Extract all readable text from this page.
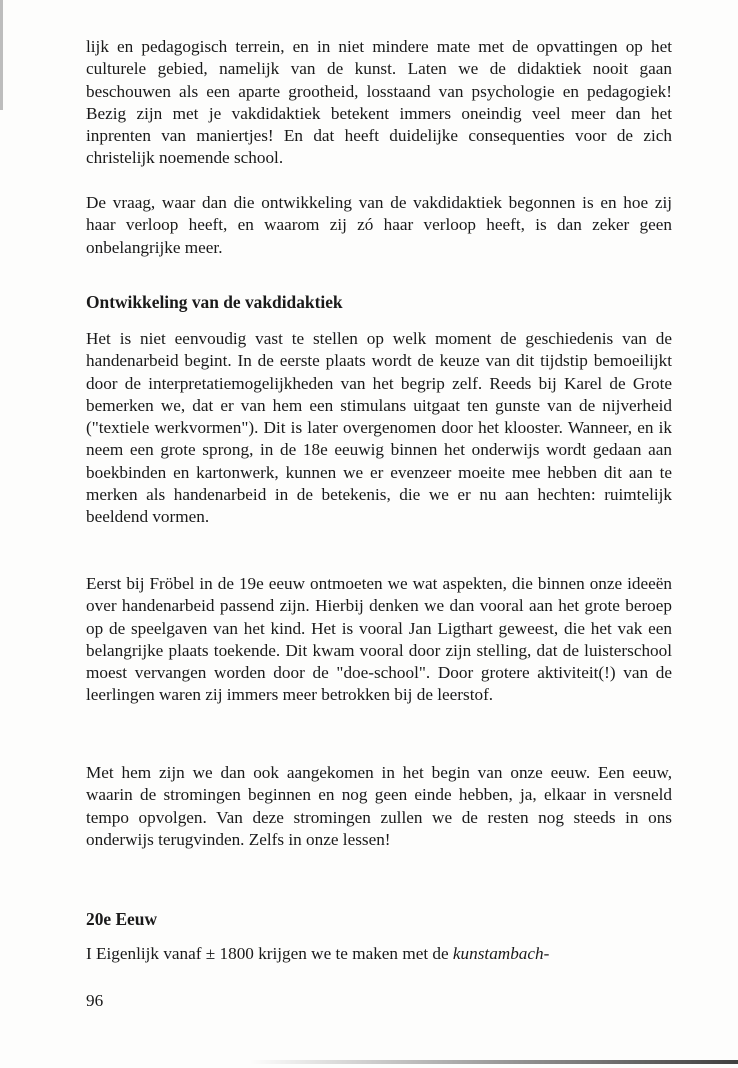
lijk en pedagogisch terrein, en in niet mindere mate met de opvattingen op het culturele gebied, namelijk van de kunst. Laten we de didaktiek nooit gaan beschouwen als een aparte grootheid, losstaand van psychologie en pedagogiek! Bezig zijn met je vakdidaktiek betekent immers oneindig veel meer dan het inprenten van maniertjes! En dat heeft duidelijke consequenties voor de zich christelijk noemende school.

De vraag, waar dan die ontwikkeling van de vakdidaktiek begonnen is en hoe zij haar verloop heeft, en waarom zij zó haar verloop heeft, is dan zeker geen onbelangrijke meer.

Ontwikkeling van de vakdidaktiek

Het is niet eenvoudig vast te stellen op welk moment de geschiedenis van de handenarbeid begint. In de eerste plaats wordt de keuze van dit tijdstip bemoeilijkt door de interpretatiemogelijkheden van het begrip zelf. Reeds bij Karel de Grote bemerken we, dat er van hem een stimulans uitgaat ten gunste van de nijverheid ("textiele werkvormen"). Dit is later overgenomen door het klooster. Wanneer, en ik neem een grote sprong, in de 18e eeuwig binnen het onderwijs wordt gedaan aan boekbinden en kartonwerk, kunnen we er evenzeer moeite mee hebben dit aan te merken als handenarbeid in de betekenis, die we er nu aan hechten: ruimtelijk beeldend vormen.

Eerst bij Fröbel in de 19e eeuw ontmoeten we wat aspekten, die binnen onze ideeën over handenarbeid passend zijn. Hierbij denken we dan vooral aan het grote beroep op de speelgaven van het kind. Het is vooral Jan Ligthart geweest, die het vak een belangrijke plaats toekende. Dit kwam vooral door zijn stelling, dat de luisterschool moest vervangen worden door de "doe-school". Door grotere aktiviteit(!) van de leerlingen waren zij immers meer betrokken bij de leerstof.

Met hem zijn we dan ook aangekomen in het begin van onze eeuw. Een eeuw, waarin de stromingen beginnen en nog geen einde hebben, ja, elkaar in versneld tempo opvolgen. Van deze stromingen zullen we de resten nog steeds in ons onderwijs terugvinden. Zelfs in onze lessen!

20e Eeuw

I Eigenlijk vanaf ± 1800 krijgen we te maken met de kunstambach-

96
